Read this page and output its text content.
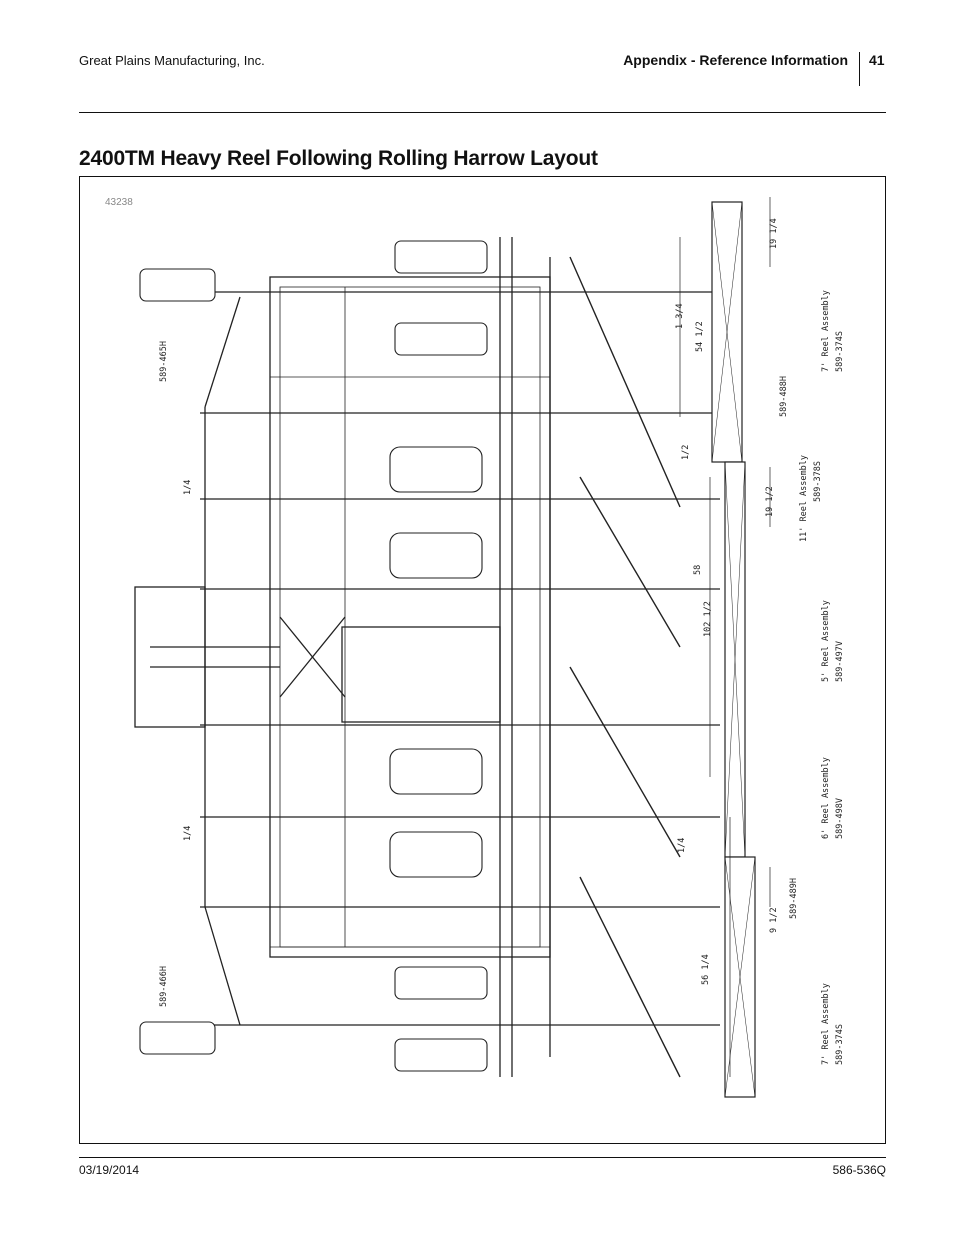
Great Plains Manufacturing, Inc.	Appendix - Reference Information 41
2400TM Heavy Reel Following Rolling Harrow Layout
43238
589-465H
589-466H
589-488H
589-489H
7' Reel Assembly 589-374S
11' Reel Assembly 589-378S
5' Reel Assembly 589-497V
6' Reel Assembly 589-498V
7' Reel Assembly 589-374S
19 1/4
1 3/4
54 1/2
1/2
19 1/2
58
102 1/2
1/4
1/4
1/4
9 1/2
56 1/4
03/19/2014	586-536Q
